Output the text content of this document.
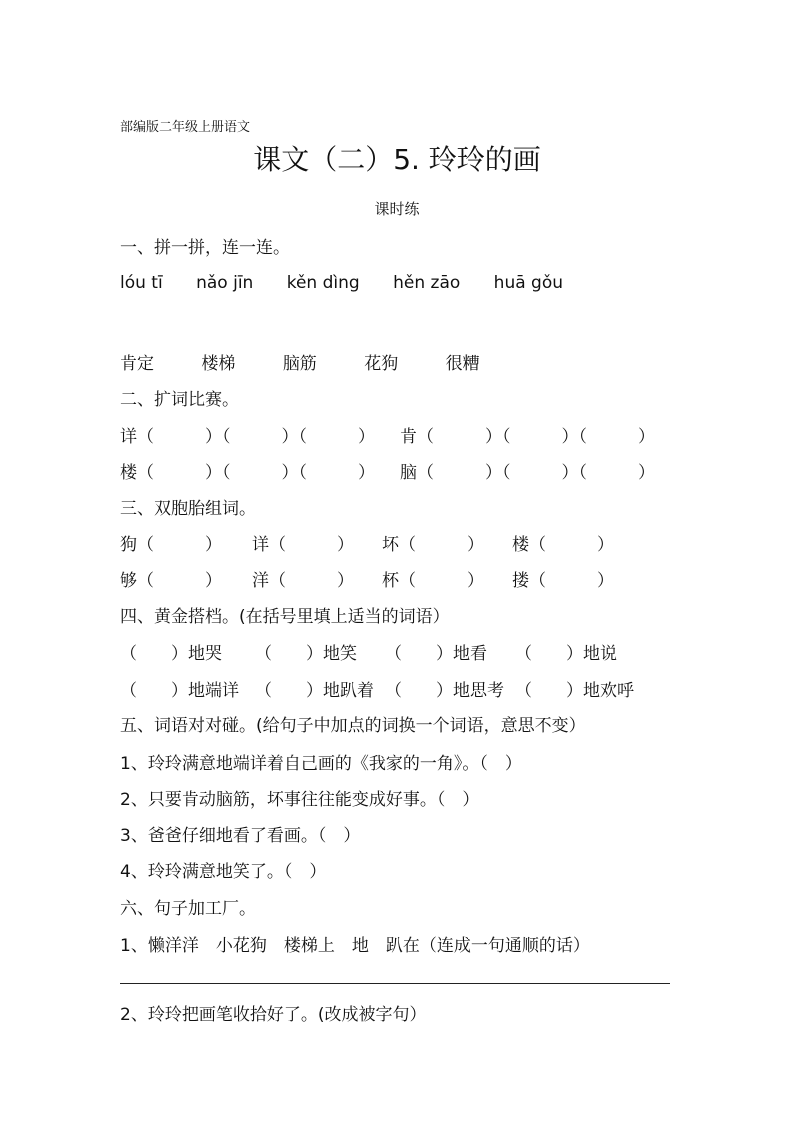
部编版二年级上册语文
课文（二）5. 玲玲的画
课时练
一、拼一拼，连一连。
lóu tī nǎo jīn kěn dìng hěn zāo huā gǒu
肯定	楼梯	脑筋	花狗	很糟
二、扩词比赛。
详（　　　）（　　　）（　　　） 肯（　　　）（　　　）（　　　）
楼（　　　）（　　　）（　　　） 脑（　　　）（　　　）（　　　）
三、双胞胎组词。
狗（　　　） 详（　　　） 坏（　　　） 楼（　　　）
够（　　　） 洋（　　　） 杯（　　　） 搂（　　　）
四、黄金搭档。(在括号里填上适当的词语）
（　　）地哭 （　　）地笑 （　　）地看 （　　）地说
（　　）地端详 （　　）地趴着 （　　）地思考 （　　）地欢呼
五、词语对对碰。(给句子中加点的词换一个词语，意思不变）
1、玲玲满意地端详着自己画的《我家的一角》。（　）
2、只要肯动脑筋，坏事往往能变成好事。（　）
3、爸爸仔细地看了看画。（　）
4、玲玲满意地笑了。（　）
六、句子加工厂。
1、懒洋洋　小花狗　楼梯上　地　趴在（连成一句通顺的话）
2、玲玲把画笔收拾好了。(改成被字句）
